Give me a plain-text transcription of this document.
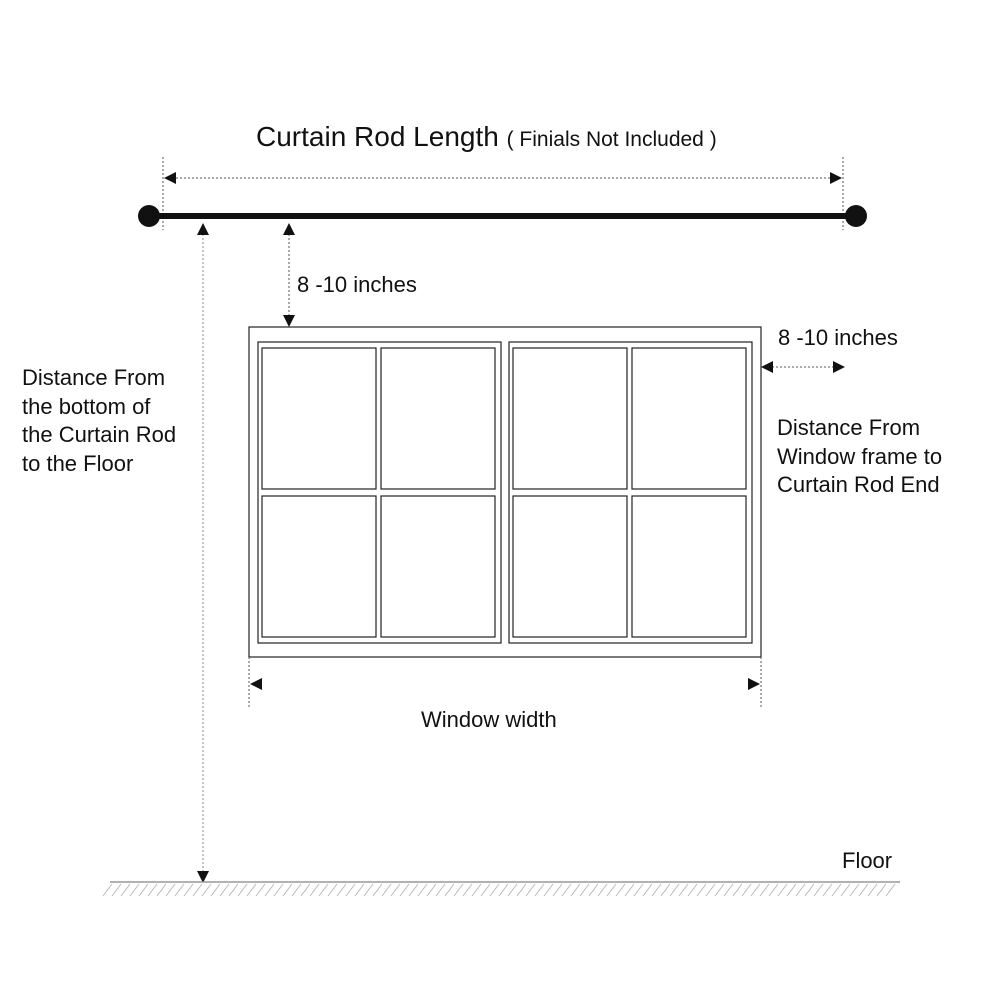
Curtain Rod Length ( Finials Not Included )
8 -10 inches
8 -10 inches
Distance From
the bottom of
the Curtain Rod
to the Floor
Distance From
Window frame to
Curtain Rod End
Window width
Floor
